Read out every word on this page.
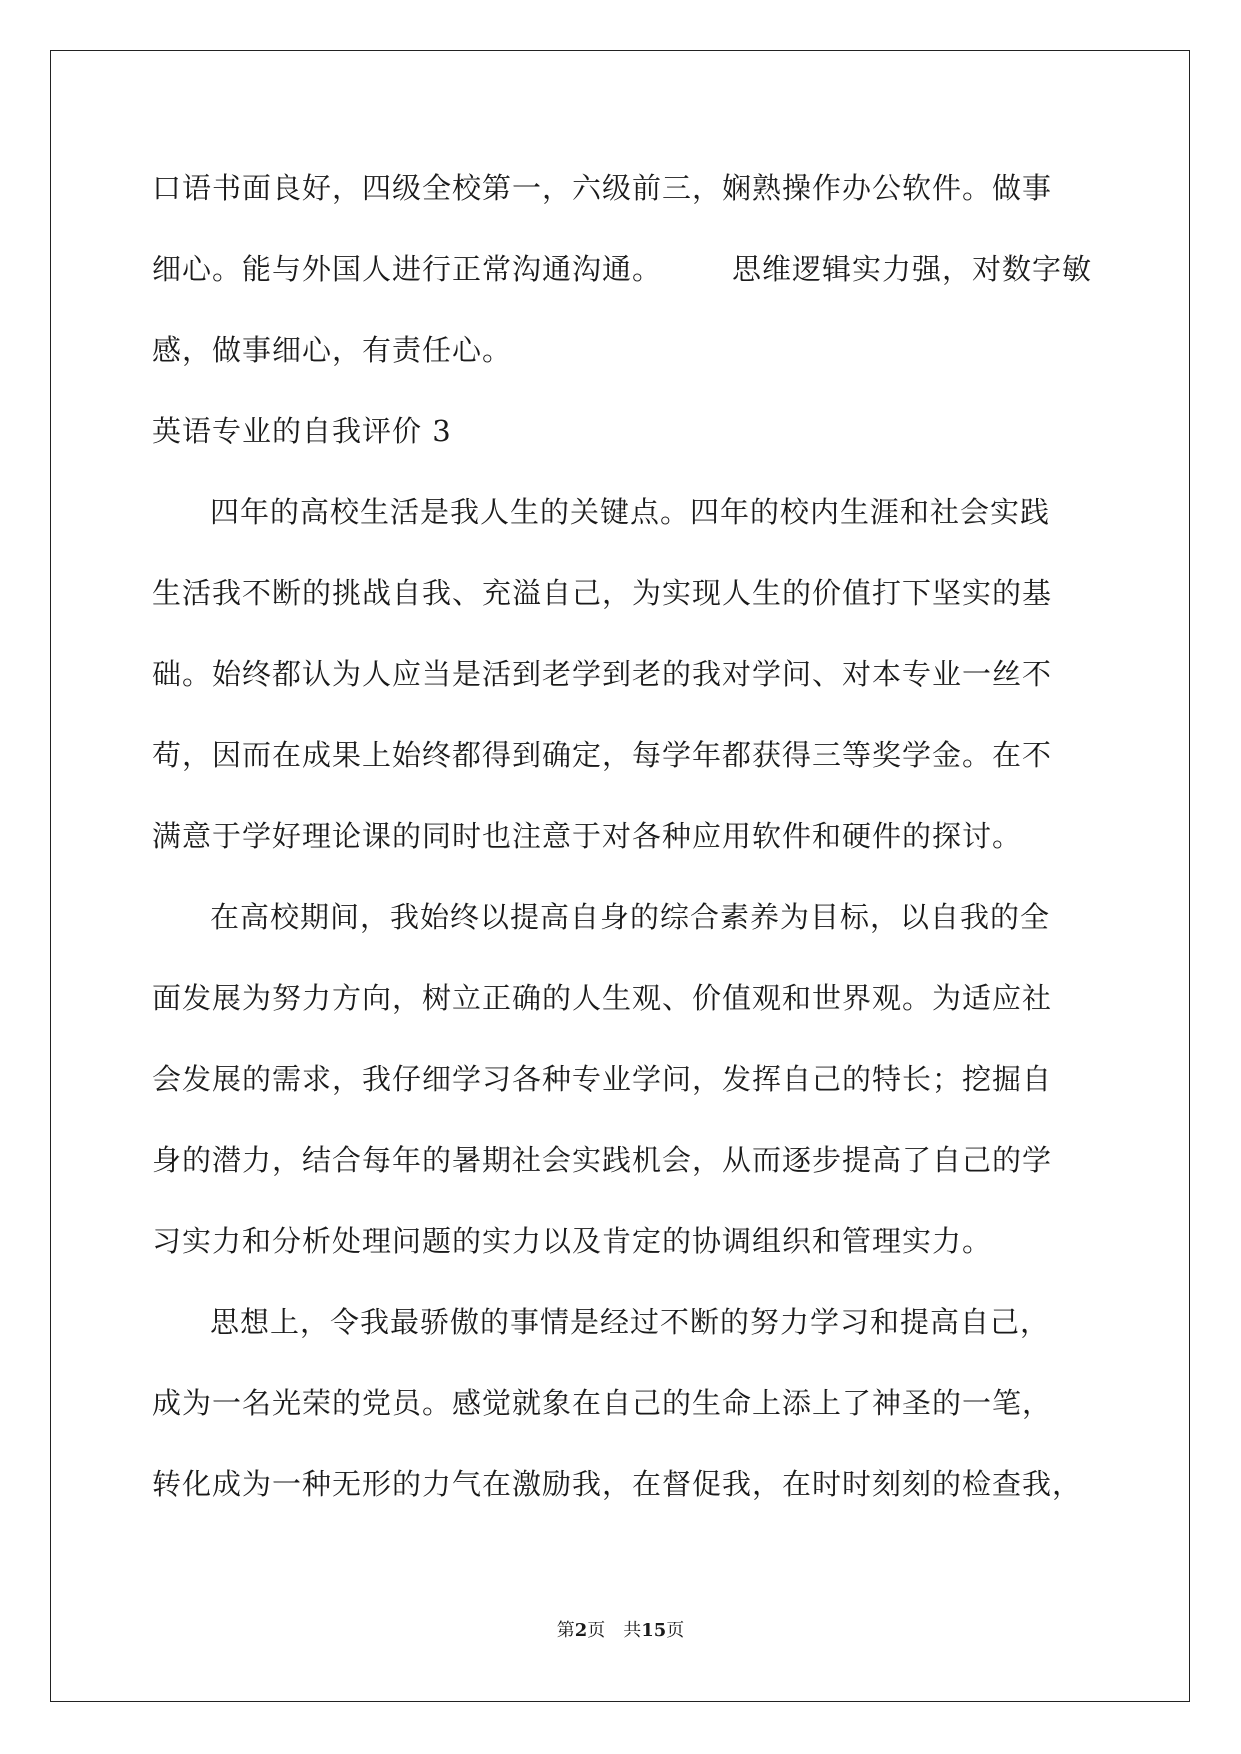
口语书面良好，四级全校第一，六级前三，娴熟操作办公软件。做事
细心。能与外国人进行正常沟通沟通。 思维逻辑实力强，对数字敏
感，做事细心，有责任心。
英语专业的自我评价 3
四年的高校生活是我人生的关键点。四年的校内生涯和社会实践
生活我不断的挑战自我、充溢自己，为实现人生的价值打下坚实的基
础。始终都认为人应当是活到老学到老的我对学问、对本专业一丝不
苟，因而在成果上始终都得到确定，每学年都获得三等奖学金。在不
满意于学好理论课的同时也注意于对各种应用软件和硬件的探讨。
在高校期间，我始终以提高自身的综合素养为目标，以自我的全
面发展为努力方向，树立正确的人生观、价值观和世界观。为适应社
会发展的需求，我仔细学习各种专业学问，发挥自己的特长；挖掘自
身的潜力，结合每年的暑期社会实践机会，从而逐步提高了自己的学
习实力和分析处理问题的实力以及肯定的协调组织和管理实力。
思想上，令我最骄傲的事情是经过不断的努力学习和提高自己，
成为一名光荣的党员。感觉就象在自己的生命上添上了神圣的一笔，
转化成为一种无形的力气在激励我，在督促我，在时时刻刻的检查我，
第2页 共15页
